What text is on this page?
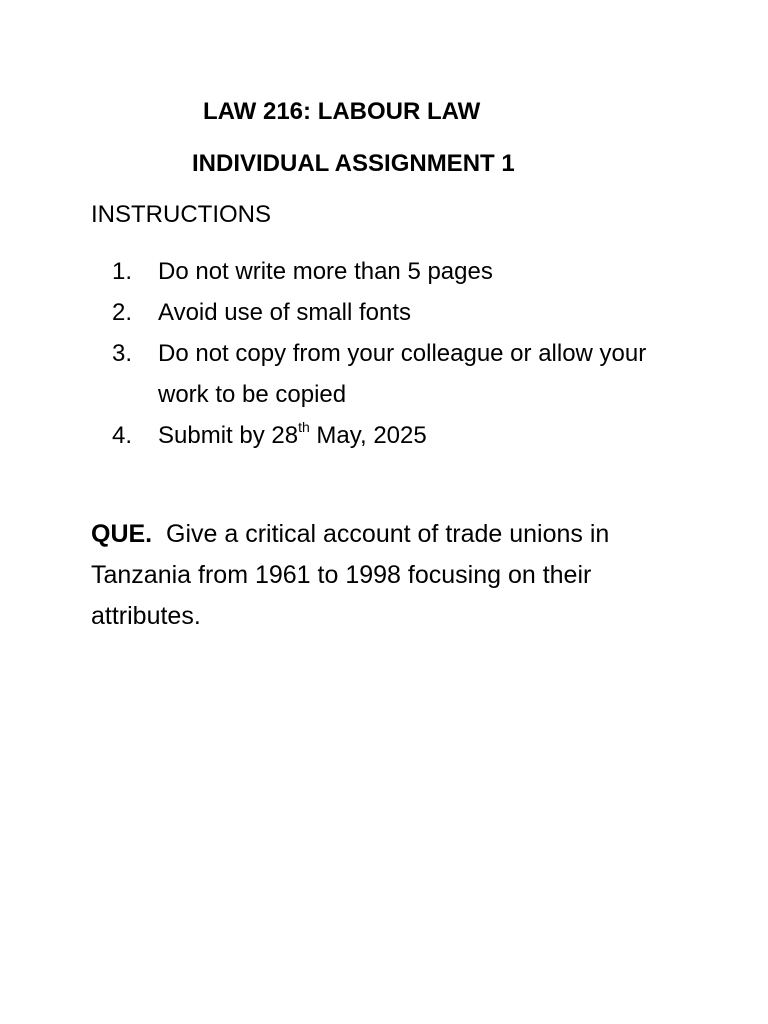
LAW 216: LABOUR LAW
INDIVIDUAL ASSIGNMENT 1
INSTRUCTIONS
1. Do not write more than 5 pages
2. Avoid use of small fonts
3. Do not copy from your colleague or allow your work to be copied
4. Submit by 28th May, 2025
QUE. Give a critical account of trade unions in Tanzania from 1961 to 1998 focusing on their attributes.
